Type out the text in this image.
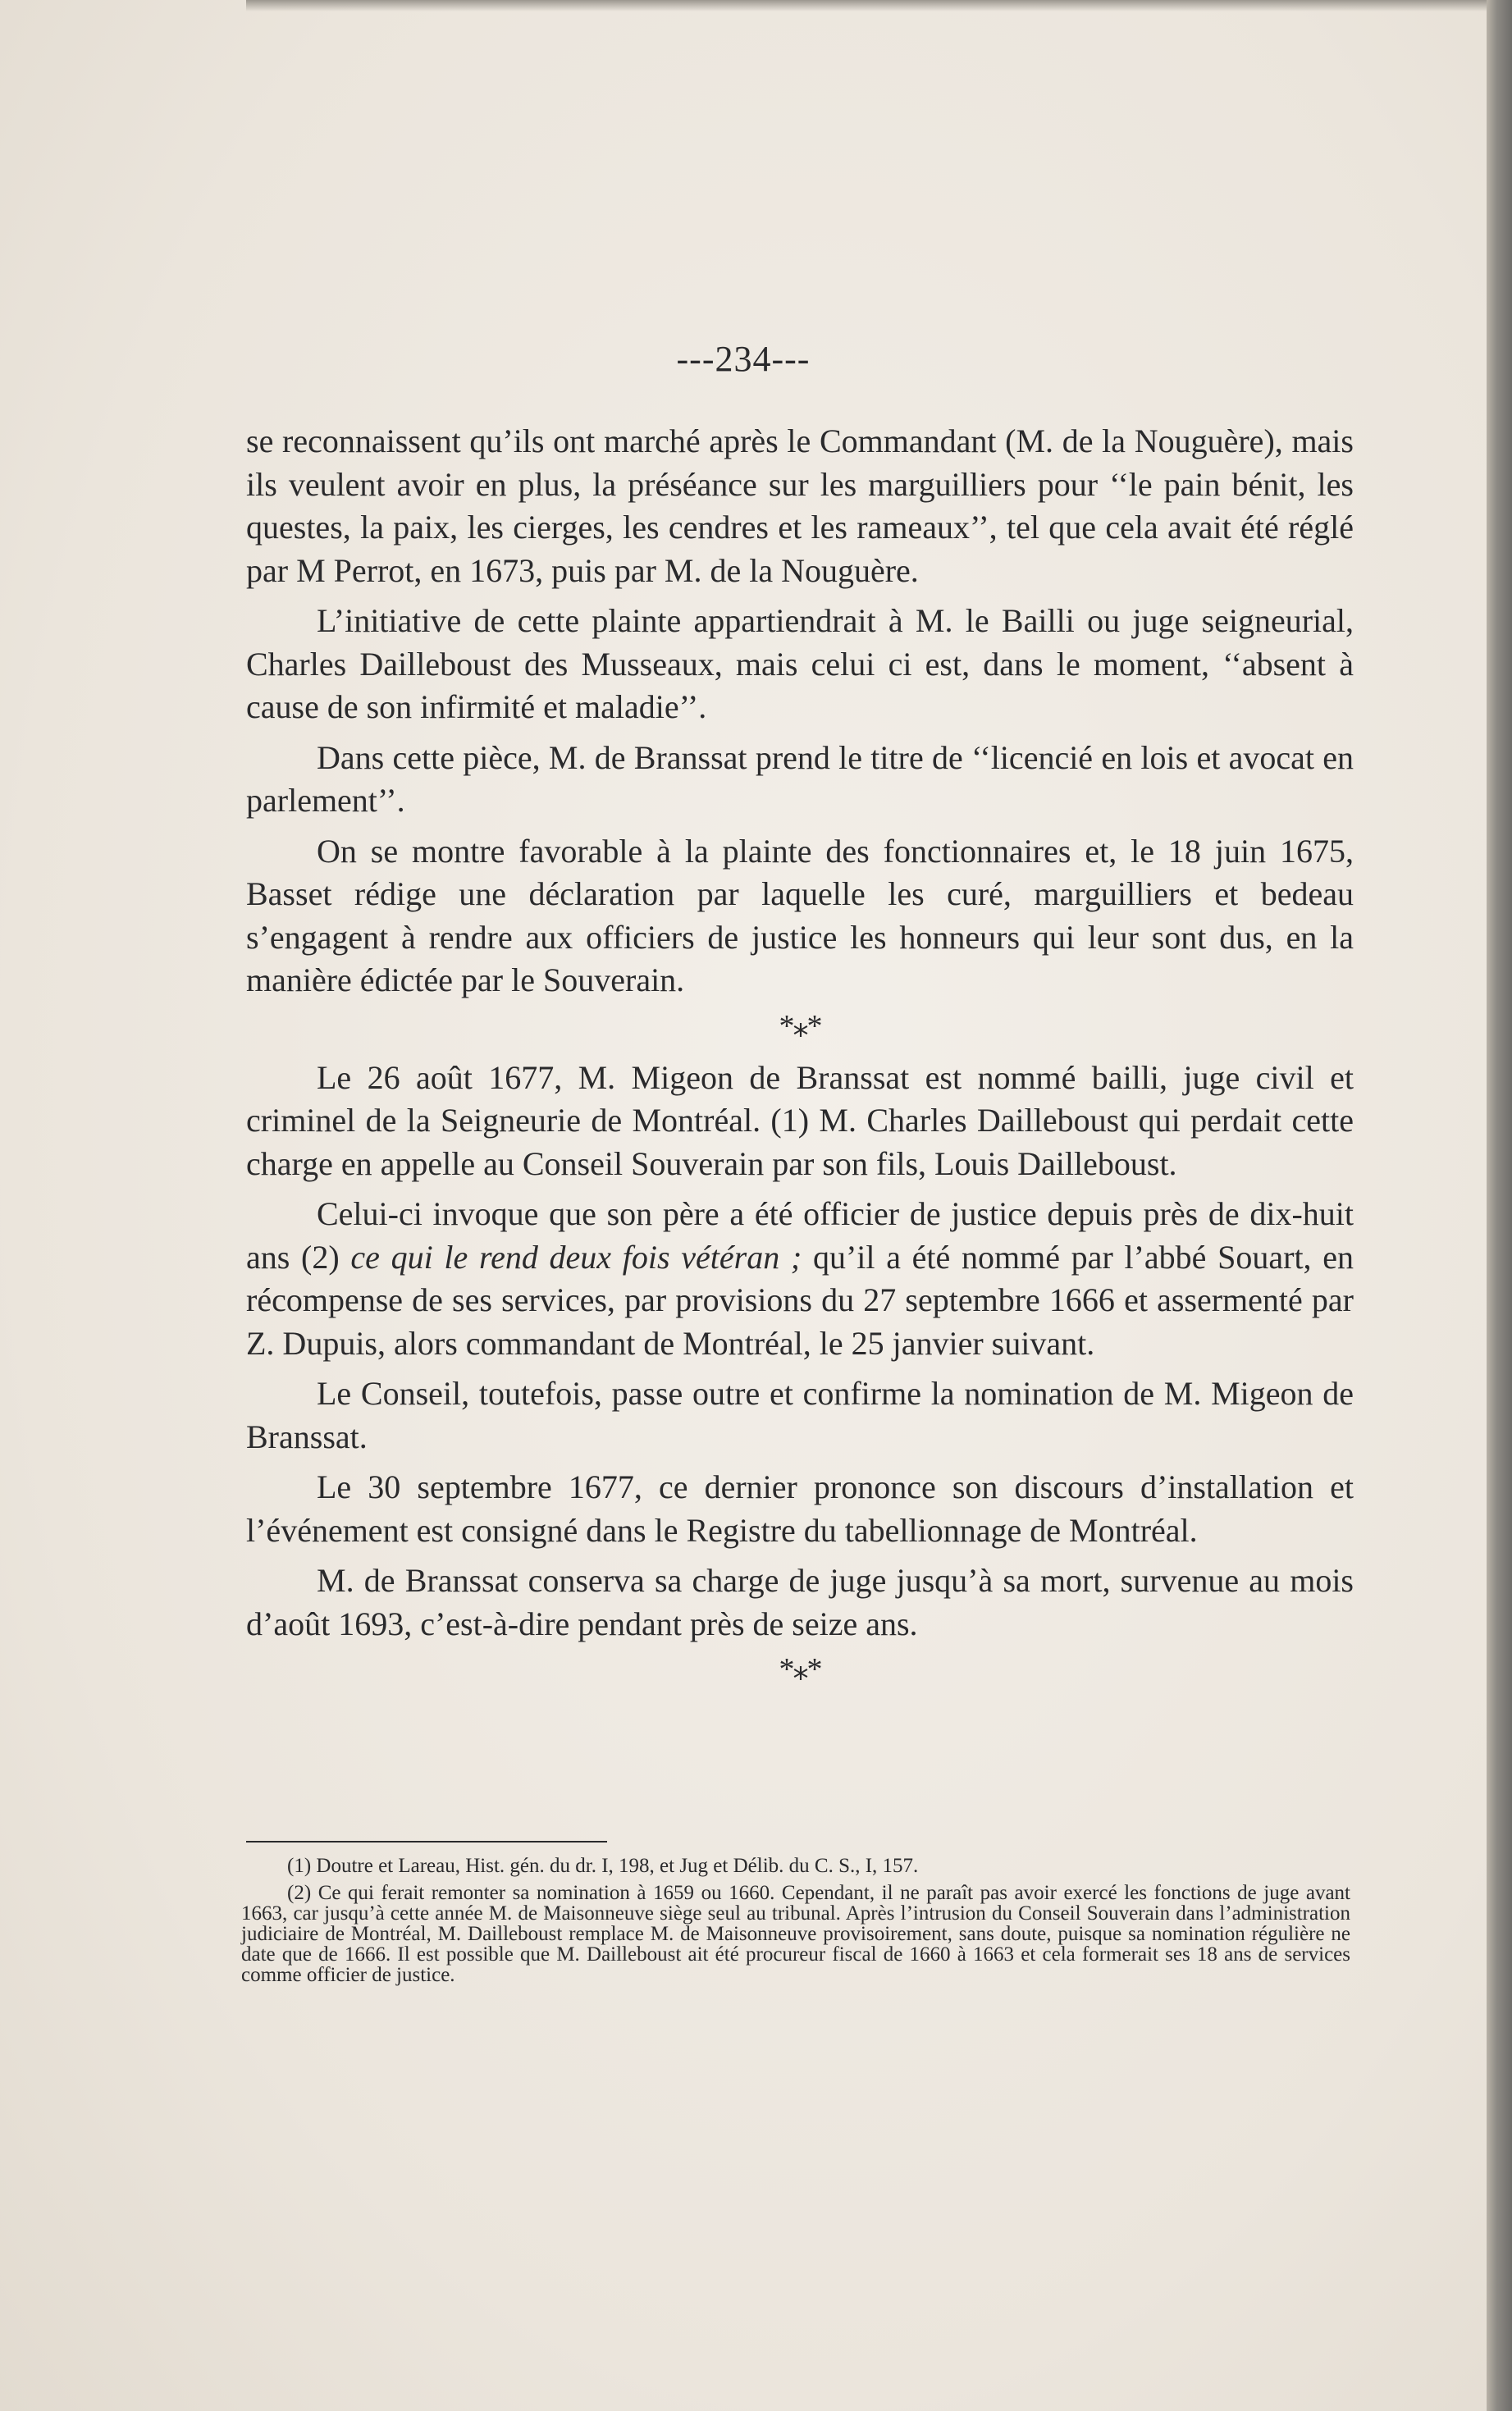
---234---

se reconnaissent qu’ils ont marché après le Commandant (M. de la Nouguère), mais ils veulent avoir en plus, la préséance sur les marguilliers pour ‘‘le pain bénit, les questes, la paix, les cierges, les cendres et les rameaux’’, tel que cela avait été réglé par M Perrot, en 1673, puis par M. de la Nouguère.

L’initiative de cette plainte appartiendrait à M. le Bailli ou juge seigneurial, Charles Dailleboust des Musseaux, mais celui ci est, dans le moment, ‘‘absent à cause de son infirmité et maladie’’.

Dans cette pièce, M. de Branssat prend le titre de ‘‘licencié en lois et avocat en parlement’’.

On se montre favorable à la plainte des fonctionnaires et, le 18 juin 1675, Basset rédige une déclaration par laquelle les curé, marguilliers et bedeau s’engagent à rendre aux officiers de justice les honneurs qui leur sont dus, en la manière édictée par le Souverain.

*⁎*

Le 26 août 1677, M. Migeon de Branssat est nommé bailli, juge civil et criminel de la Seigneurie de Montréal. (1) M. Charles Dailleboust qui perdait cette charge en appelle au Conseil Souverain par son fils, Louis Dailleboust.

Celui-ci invoque que son père a été officier de justice depuis près de dix-huit ans (2) ce qui le rend deux fois vétéran ; qu’il a été nommé par l’abbé Souart, en récompense de ses services, par provisions du 27 septembre 1666 et assermenté par Z. Dupuis, alors commandant de Montréal, le 25 janvier suivant.

Le Conseil, toutefois, passe outre et confirme la nomination de M. Migeon de Branssat.

Le 30 septembre 1677, ce dernier prononce son discours d’installation et l’événement est consigné dans le Registre du tabellionnage de Montréal.

M. de Branssat conserva sa charge de juge jusqu’à sa mort, survenue au mois d’août 1693, c’est-à-dire pendant près de seize ans.

*⁎*

(1) Doutre et Lareau, Hist. gén. du dr. I, 198, et Jug et Délib. du C. S., I, 157.

(2) Ce qui ferait remonter sa nomination à 1659 ou 1660. Cependant, il ne paraît pas avoir exercé les fonctions de juge avant 1663, car jusqu’à cette année M. de Maisonneuve siège seul au tribunal. Après l’intrusion du Conseil Souverain dans l’administration judiciaire de Montréal, M. Dailleboust remplace M. de Maisonneuve provisoirement, sans doute, puisque sa nomination régulière ne date que de 1666. Il est possible que M. Dailleboust ait été procureur fiscal de 1660 à 1663 et cela formerait ses 18 ans de services comme officier de justice.
